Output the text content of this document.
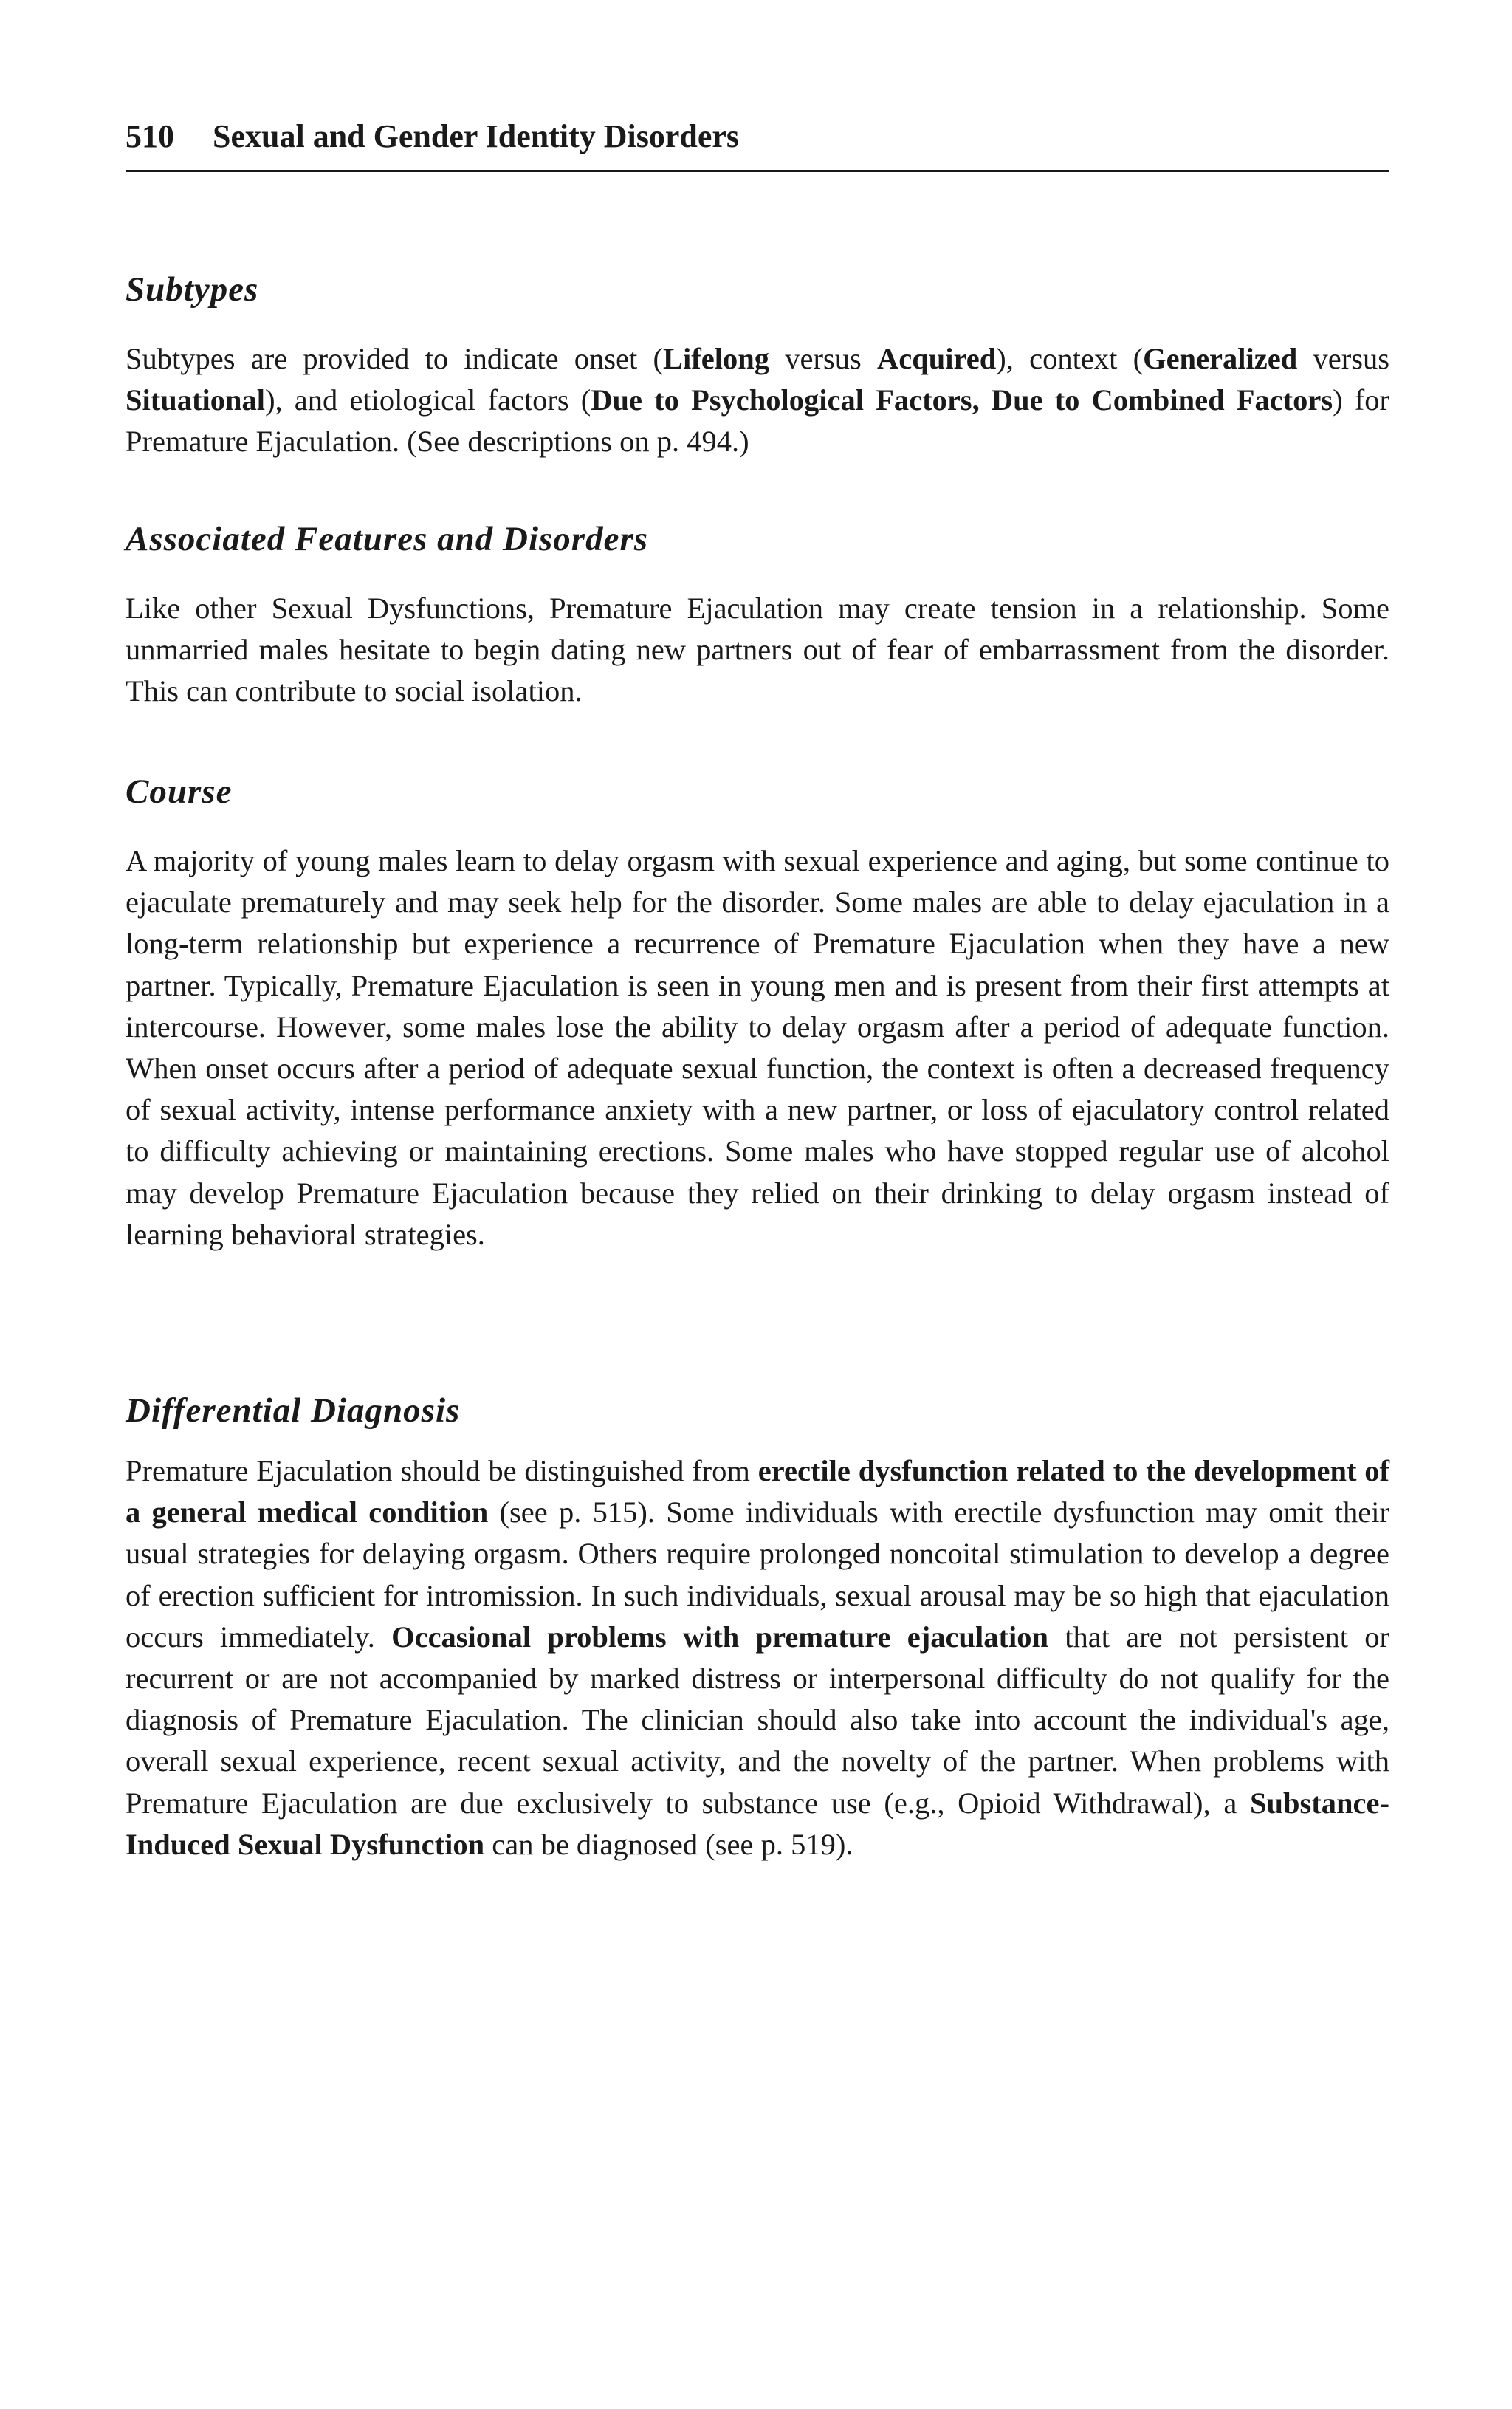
510 Sexual and Gender Identity Disorders
Subtypes

Subtypes are provided to indicate onset (Lifelong versus Acquired), context (Generalized versus Situational), and etiological factors (Due to Psychological Factors, Due to Combined Factors) for Premature Ejaculation. (See descriptions on p. 494.)

Associated Features and Disorders

Like other Sexual Dysfunctions, Premature Ejaculation may create tension in a relationship. Some unmarried males hesitate to begin dating new partners out of fear of embarrassment from the disorder. This can contribute to social isolation.

Course

A majority of young males learn to delay orgasm with sexual experience and aging, but some continue to ejaculate prematurely and may seek help for the disorder. Some males are able to delay ejaculation in a long-term relationship but experience a recurrence of Premature Ejaculation when they have a new partner. Typically, Premature Ejaculation is seen in young men and is present from their first attempts at intercourse. However, some males lose the ability to delay orgasm after a period of adequate function. When onset occurs after a period of adequate sexual function, the context is often a decreased frequency of sexual activity, intense performance anxiety with a new partner, or loss of ejaculatory control related to difficulty achieving or maintaining erections. Some males who have stopped regular use of alcohol may develop Premature Ejaculation because they relied on their drinking to delay orgasm instead of learning behavioral strategies.

Differential Diagnosis

Premature Ejaculation should be distinguished from erectile dysfunction related to the development of a general medical condition (see p. 515). Some individuals with erectile dysfunction may omit their usual strategies for delaying orgasm. Others require prolonged noncoital stimulation to develop a degree of erection sufficient for intromission. In such individuals, sexual arousal may be so high that ejaculation occurs immediately. Occasional problems with premature ejaculation that are not persistent or recurrent or are not accompanied by marked distress or interpersonal difficulty do not qualify for the diagnosis of Premature Ejaculation. The clinician should also take into account the individual's age, overall sexual experience, recent sexual activity, and the novelty of the partner. When problems with Premature Ejaculation are due exclusively to substance use (e.g., Opioid Withdrawal), a Substance-Induced Sexual Dysfunction can be diagnosed (see p. 519).
